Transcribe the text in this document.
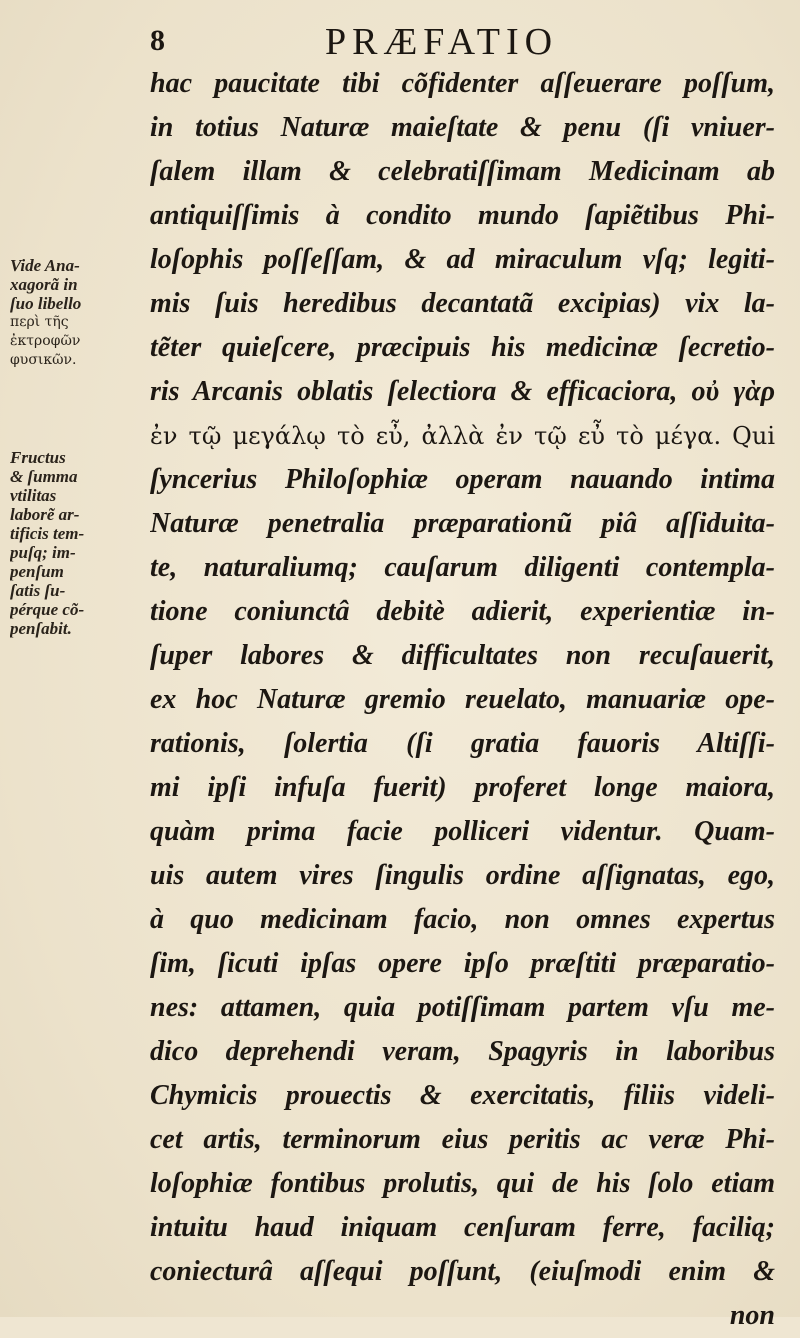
8	PRÆFATIO
hac paucitate tibi cõfidenter aſſeuerare poſſum,
in totius Naturæ maieſtate & penu (ſi vniuer-
ſalem illam & celebratiſſimam Medicinam ab
antiquiſſimis à condito mundo ſapiẽtibus Phi-
loſophis poſſeſſam, & ad miraculum vſq; legiti-
mis ſuis heredibus decantatã excipias) vix la-
tẽter quieſcere, præcipuis his medicinæ ſecretio-
ris Arcanis oblatis ſelectiora & efficaciora, οὐ γὰρ
ἐν τῷ μεγάλῳ τὸ εὖ, ἀλλὰ ἐν τῷ εὖ τὸ μέγα. Qui
ſyncerius Philoſophiæ operam nauando intima
Naturæ penetralia præparationũ piâ aſſiduita-
te, naturaliumq; cauſarum diligenti contempla-
tione coniunctâ debitè adierit, experientiæ in-
ſuper labores & difficultates non recuſauerit,
ex hoc Naturæ gremio reuelato, manuariæ ope-
rationis, ſolertia (ſi gratia fauoris Altiſſi-
mi ipſi infuſa fuerit) proferet longe maiora,
quàm prima facie polliceri videntur. Quam-
uis autem vires ſingulis ordine aſſignatas, ego,
à quo medicinam facio, non omnes expertus
ſim, ſicuti ipſas opere ipſo præſtiti præparatio-
nes: attamen, quia potiſſimam partem vſu me-
dico deprehendi veram, Spagyris in laboribus
Chymicis prouectis & exercitatis, filiis videli-
cet artis, terminorum eius peritis ac veræ Phi-
loſophiæ fontibus prolutis, qui de his ſolo etiam
intuitu haud iniquam cenſuram ferre, facilią;
coniecturâ aſſequi poſſunt, (eiuſmodi enim &
non
Vide Ana-
xagorã in
ſuo libello
περὶ τῆς
ἐκτροφῶν
φυσικῶν.
Fructus
& ſumma
vtilitas
laborẽ ar-
tificis tem-
puſq; im-
penſum
ſatis ſu-
pérque cõ-
penſabit.
